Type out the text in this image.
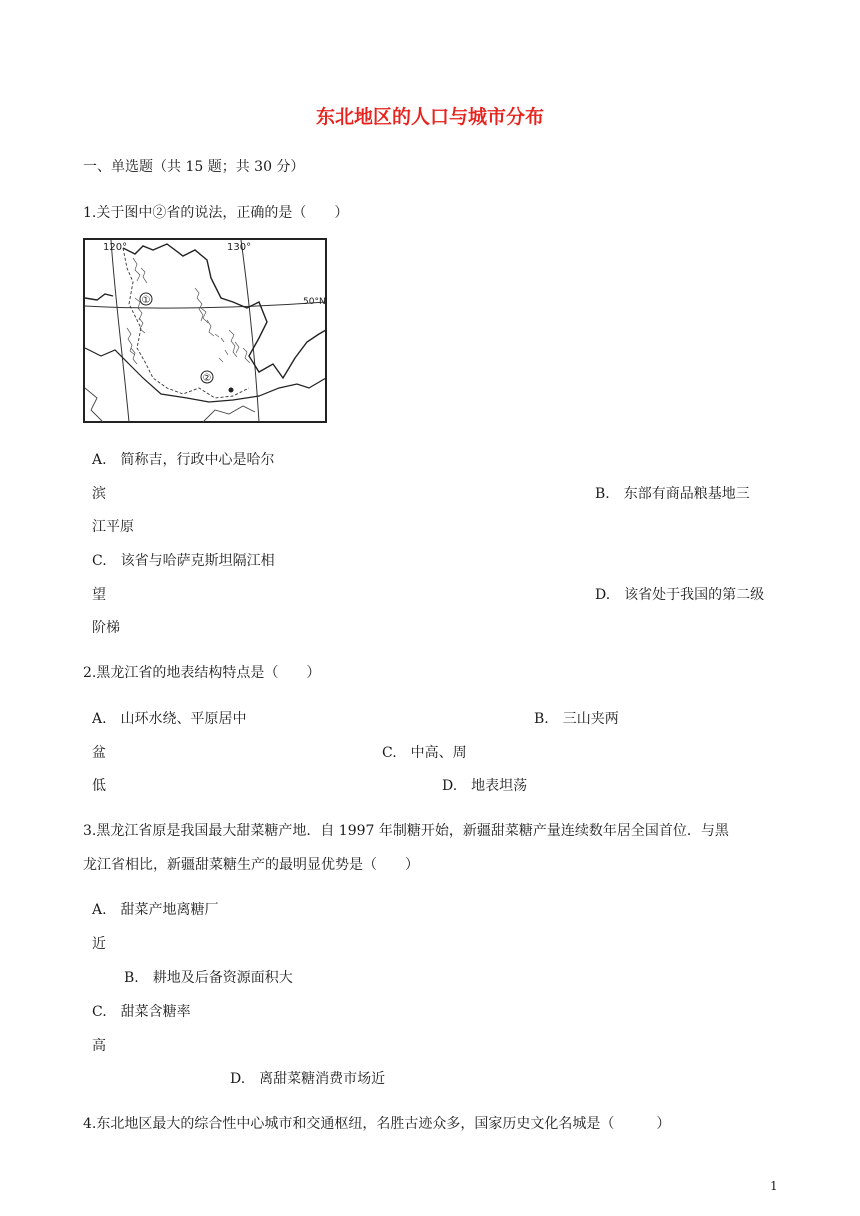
东北地区的人口与城市分布
一、单选题（共 15 题；共 30 分）
1.关于图中②省的说法，正确的是（　　）
①
②
120°	130°
50°N
A.　简称吉，行政中心是哈尔
滨	B.　东部有商品粮基地三
江平原
C.　该省与哈萨克斯坦隔江相
望	D.　该省处于我国的第二级
阶梯
2.黑龙江省的地表结构特点是（　　）
A.　山环水绕、平原居中	B.　三山夹两
盆	C.　中高、周
低	D.　地表坦荡
3.黑龙江省原是我国最大甜菜糖产地．自 1997 年制糖开始，新疆甜菜糖产量连续数年居全国首位．与黑
龙江省相比，新疆甜菜糖生产的最明显优势是（　　）
A.　甜菜产地离糖厂
近
B.　耕地及后备资源面积大
C.　甜菜含糖率
高
D.　离甜菜糖消费市场近
4.东北地区最大的综合性中心城市和交通枢纽，名胜古迹众多，国家历史文化名城是（　　　）
1
